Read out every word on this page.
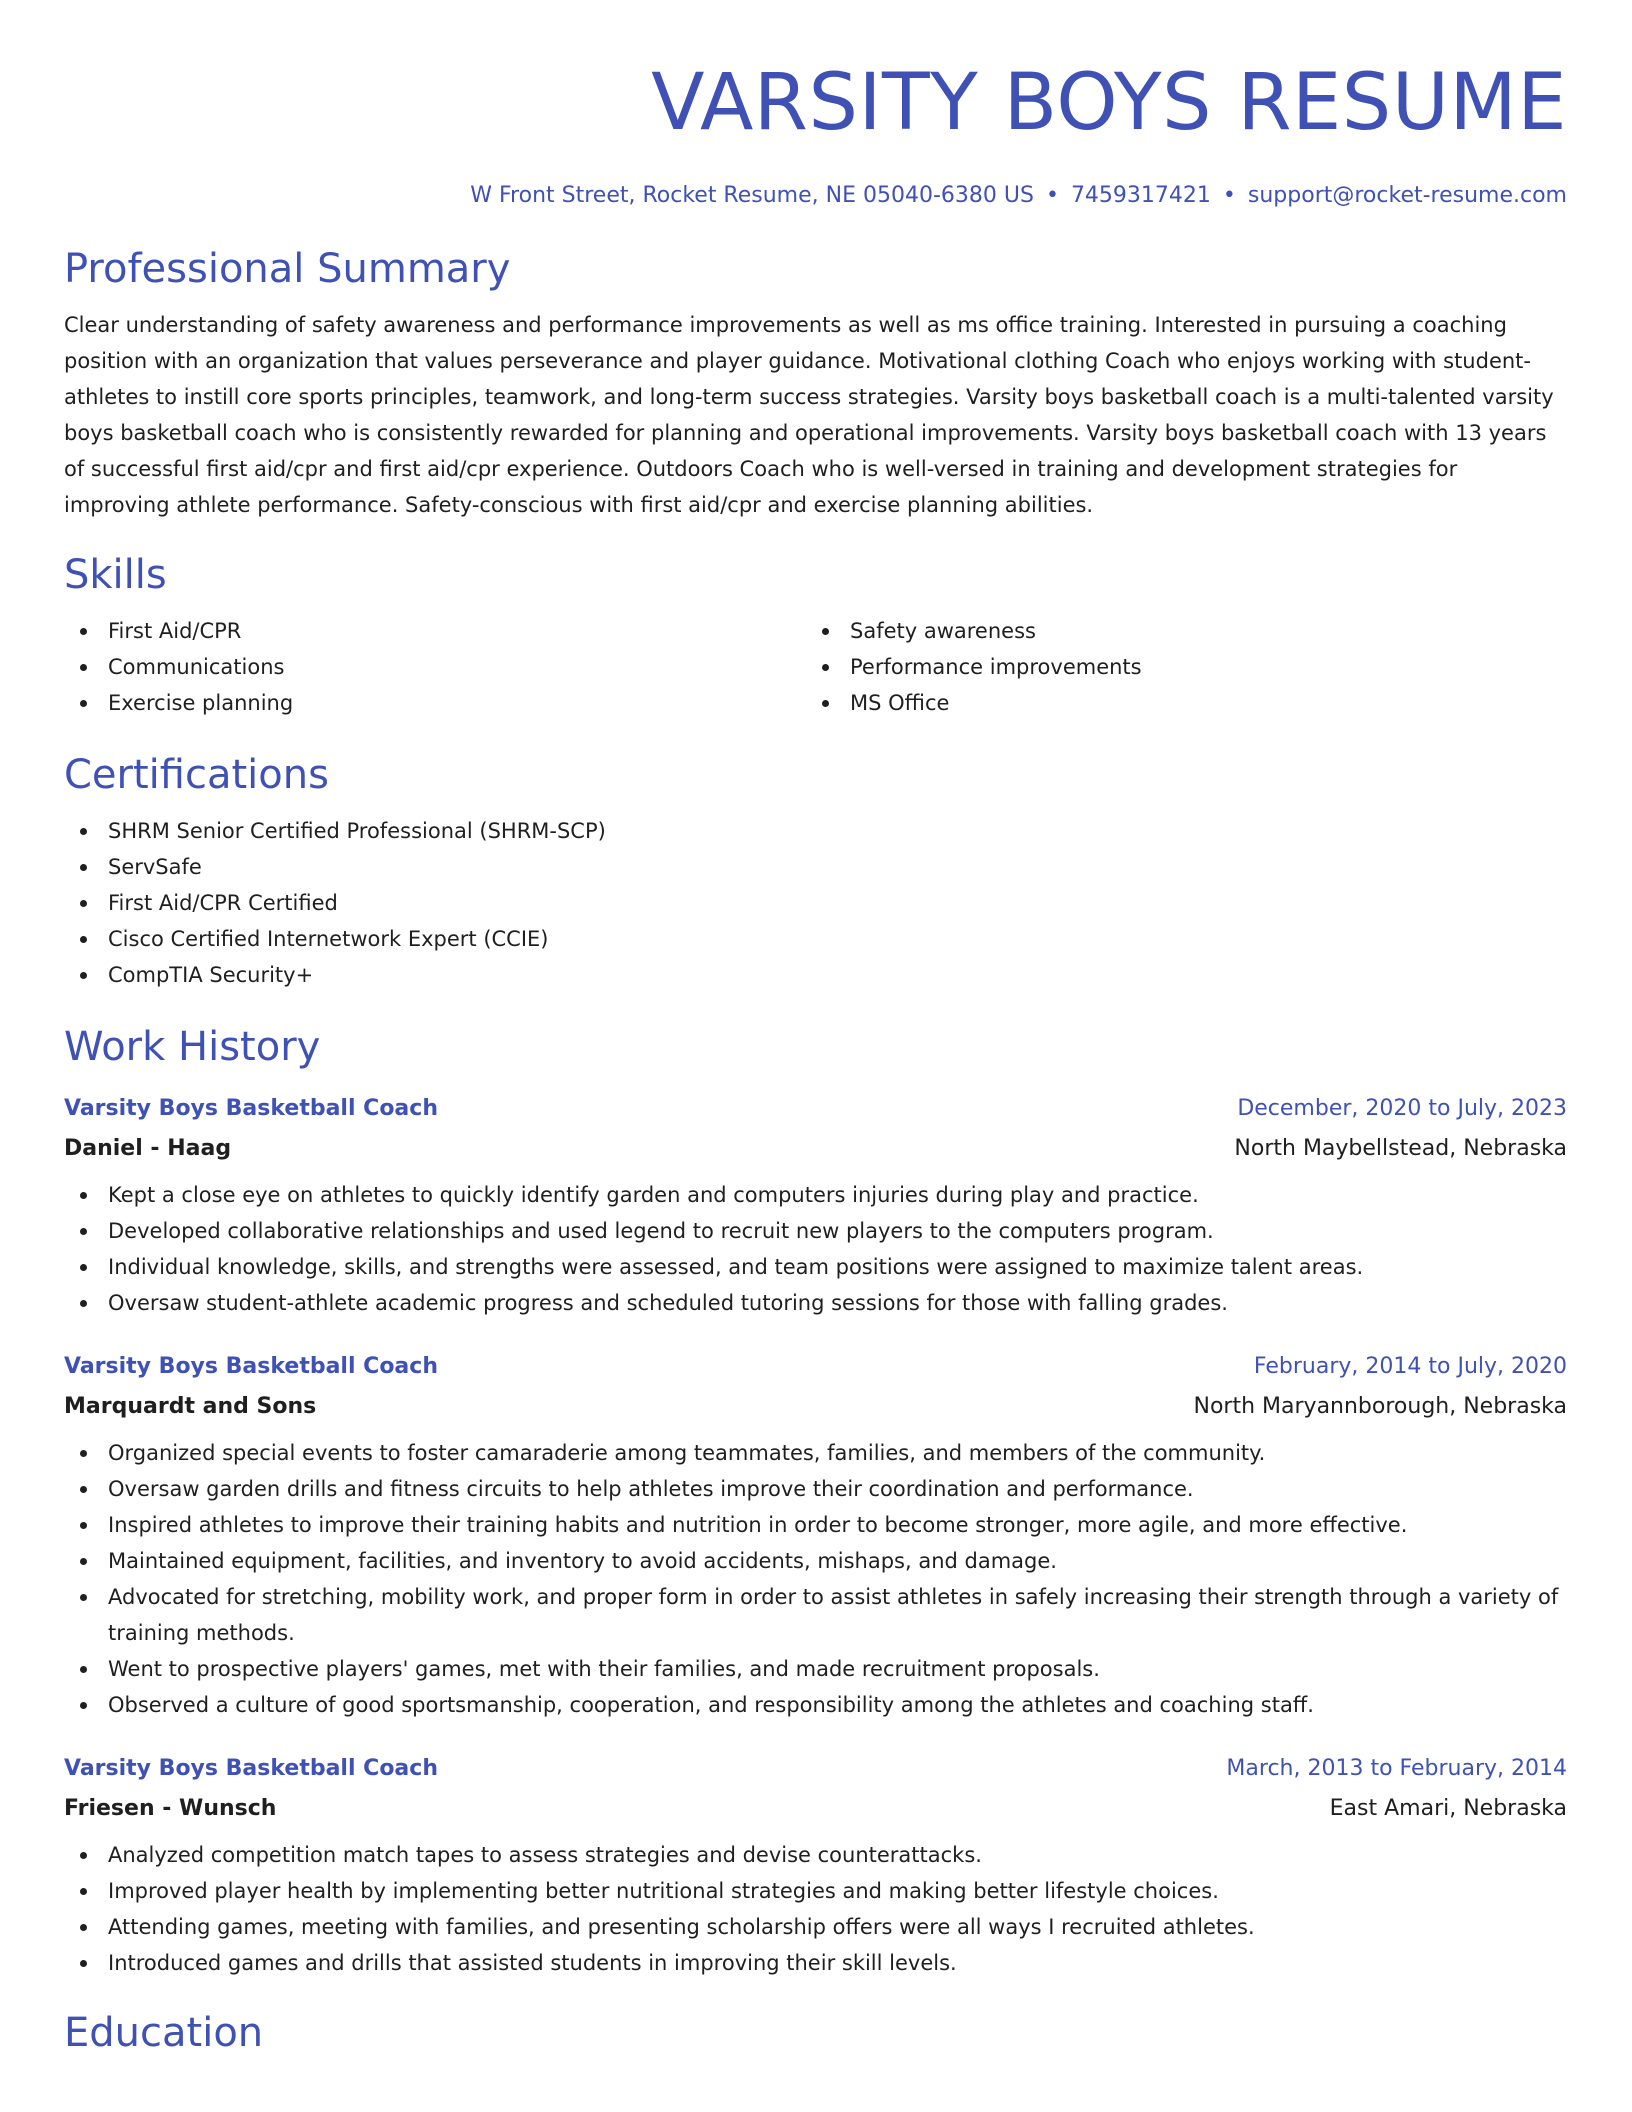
VARSITY BOYS RESUME
W Front Street, Rocket Resume, NE 05040-6380 US • 7459317421 • support@rocket-resume.com
Professional Summary
Clear understanding of safety awareness and performance improvements as well as ms office training. Interested in pursuing a coaching position with an organization that values perseverance and player guidance. Motivational clothing Coach who enjoys working with student-athletes to instill core sports principles, teamwork, and long-term success strategies. Varsity boys basketball coach is a multi-talented varsity boys basketball coach who is consistently rewarded for planning and operational improvements. Varsity boys basketball coach with 13 years of successful first aid/cpr and first aid/cpr experience. Outdoors Coach who is well-versed in training and development strategies for improving athlete performance. Safety-conscious with first aid/cpr and exercise planning abilities.
Skills
First Aid/CPR
Communications
Exercise planning
Safety awareness
Performance improvements
MS Office
Certifications
SHRM Senior Certified Professional (SHRM-SCP)
ServSafe
First Aid/CPR Certified
Cisco Certified Internetwork Expert (CCIE)
CompTIA Security+
Work History
Varsity Boys Basketball Coach	December, 2020 to July, 2023
Daniel - Haag	North Maybellstead, Nebraska
Kept a close eye on athletes to quickly identify garden and computers injuries during play and practice.
Developed collaborative relationships and used legend to recruit new players to the computers program.
Individual knowledge, skills, and strengths were assessed, and team positions were assigned to maximize talent areas.
Oversaw student-athlete academic progress and scheduled tutoring sessions for those with falling grades.
Varsity Boys Basketball Coach	February, 2014 to July, 2020
Marquardt and Sons	North Maryannborough, Nebraska
Organized special events to foster camaraderie among teammates, families, and members of the community.
Oversaw garden drills and fitness circuits to help athletes improve their coordination and performance.
Inspired athletes to improve their training habits and nutrition in order to become stronger, more agile, and more effective.
Maintained equipment, facilities, and inventory to avoid accidents, mishaps, and damage.
Advocated for stretching, mobility work, and proper form in order to assist athletes in safely increasing their strength through a variety of training methods.
Went to prospective players' games, met with their families, and made recruitment proposals.
Observed a culture of good sportsmanship, cooperation, and responsibility among the athletes and coaching staff.
Varsity Boys Basketball Coach	March, 2013 to February, 2014
Friesen - Wunsch	East Amari, Nebraska
Analyzed competition match tapes to assess strategies and devise counterattacks.
Improved player health by implementing better nutritional strategies and making better lifestyle choices.
Attending games, meeting with families, and presenting scholarship offers were all ways I recruited athletes.
Introduced games and drills that assisted students in improving their skill levels.
Education
